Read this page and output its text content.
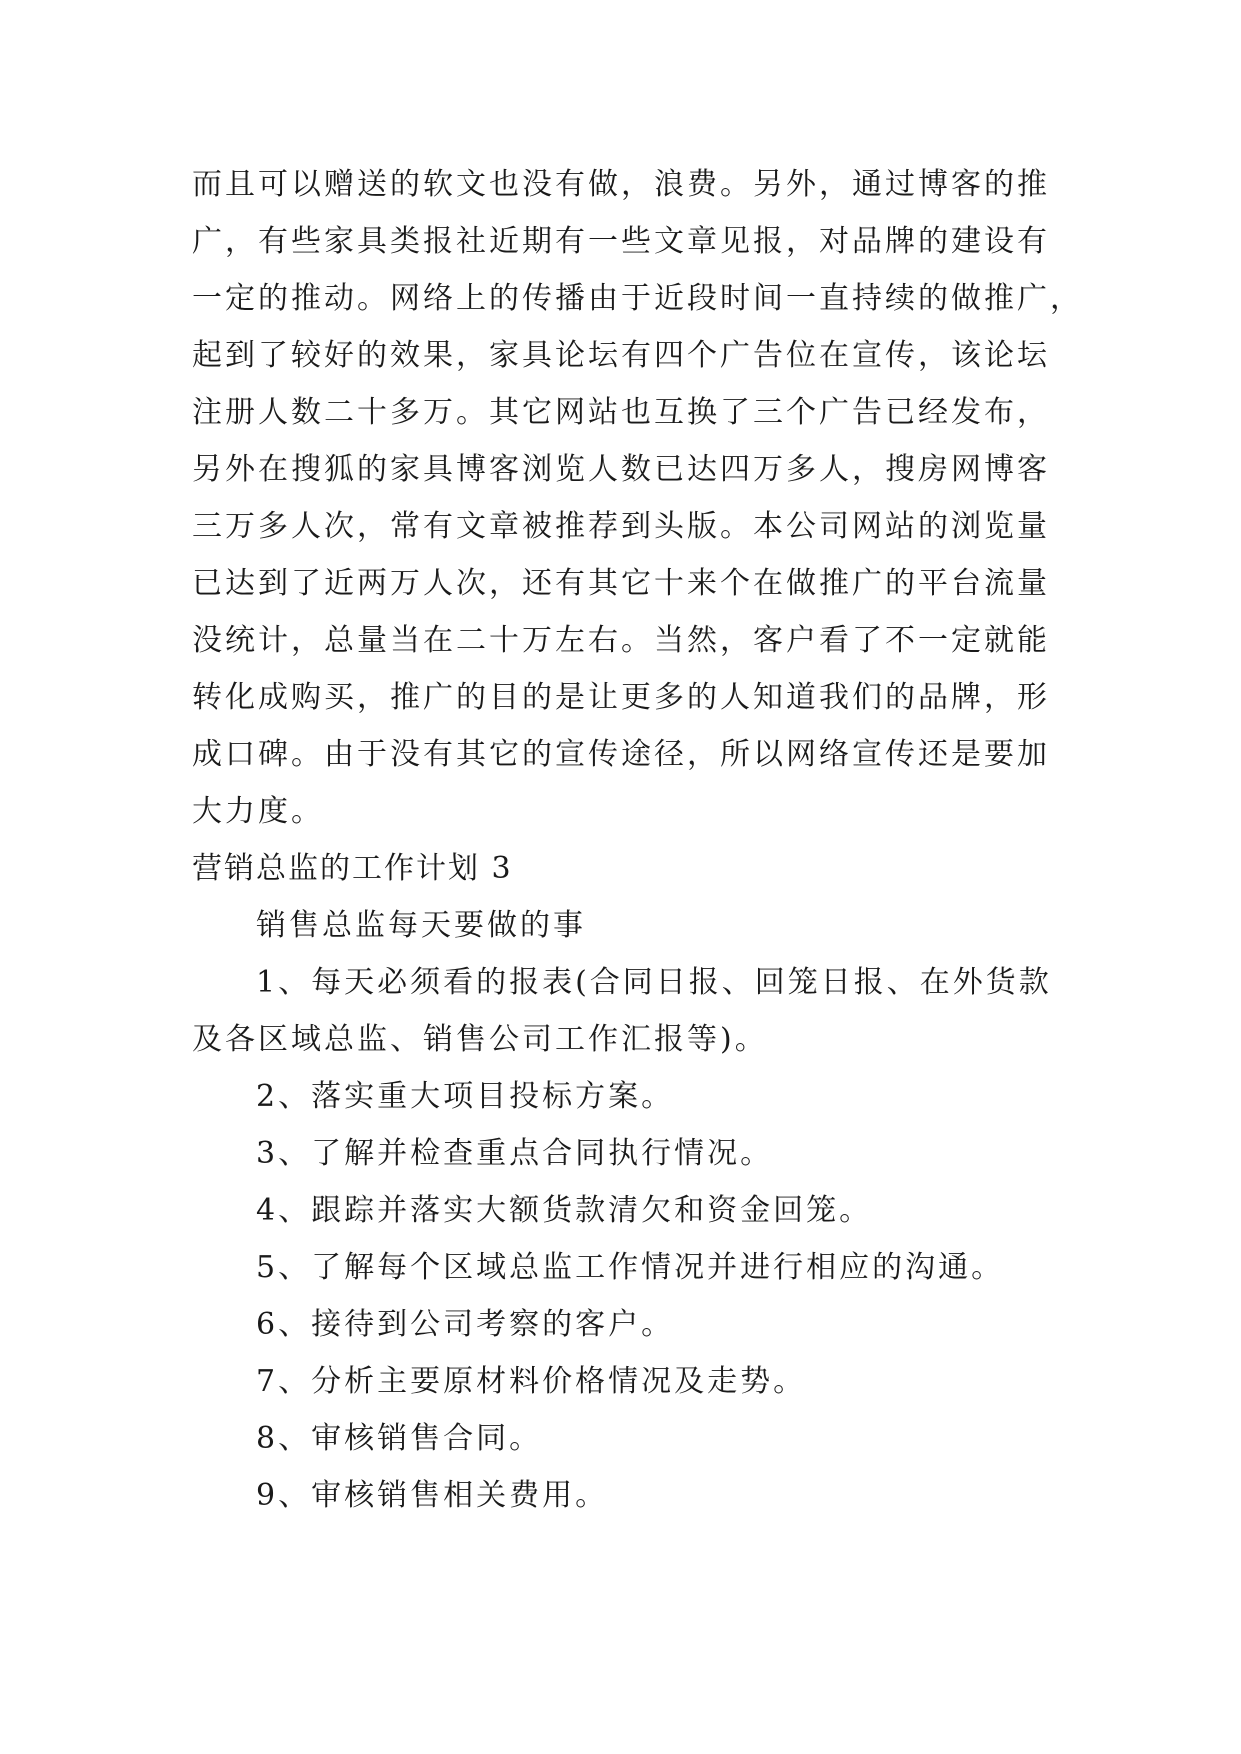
而且可以赠送的软文也没有做，浪费。另外，通过博客的推
广，有些家具类报社近期有一些文章见报，对品牌的建设有
一定的推动。网络上的传播由于近段时间一直持续的做推广，
起到了较好的效果，家具论坛有四个广告位在宣传，该论坛
注册人数二十多万。其它网站也互换了三个广告已经发布，
另外在搜狐的家具博客浏览人数已达四万多人，搜房网博客
三万多人次，常有文章被推荐到头版。本公司网站的浏览量
已达到了近两万人次，还有其它十来个在做推广的平台流量
没统计，总量当在二十万左右。当然，客户看了不一定就能
转化成购买，推广的目的是让更多的人知道我们的品牌，形
成口碑。由于没有其它的宣传途径，所以网络宣传还是要加
大力度。
营销总监的工作计划 3
销售总监每天要做的事
1、每天必须看的报表(合同日报、回笼日报、在外货款
及各区域总监、销售公司工作汇报等)。
2、落实重大项目投标方案。
3、了解并检查重点合同执行情况。
4、跟踪并落实大额货款清欠和资金回笼。
5、了解每个区域总监工作情况并进行相应的沟通。
6、接待到公司考察的客户。
7、分析主要原材料价格情况及走势。
8、审核销售合同。
9、审核销售相关费用。
